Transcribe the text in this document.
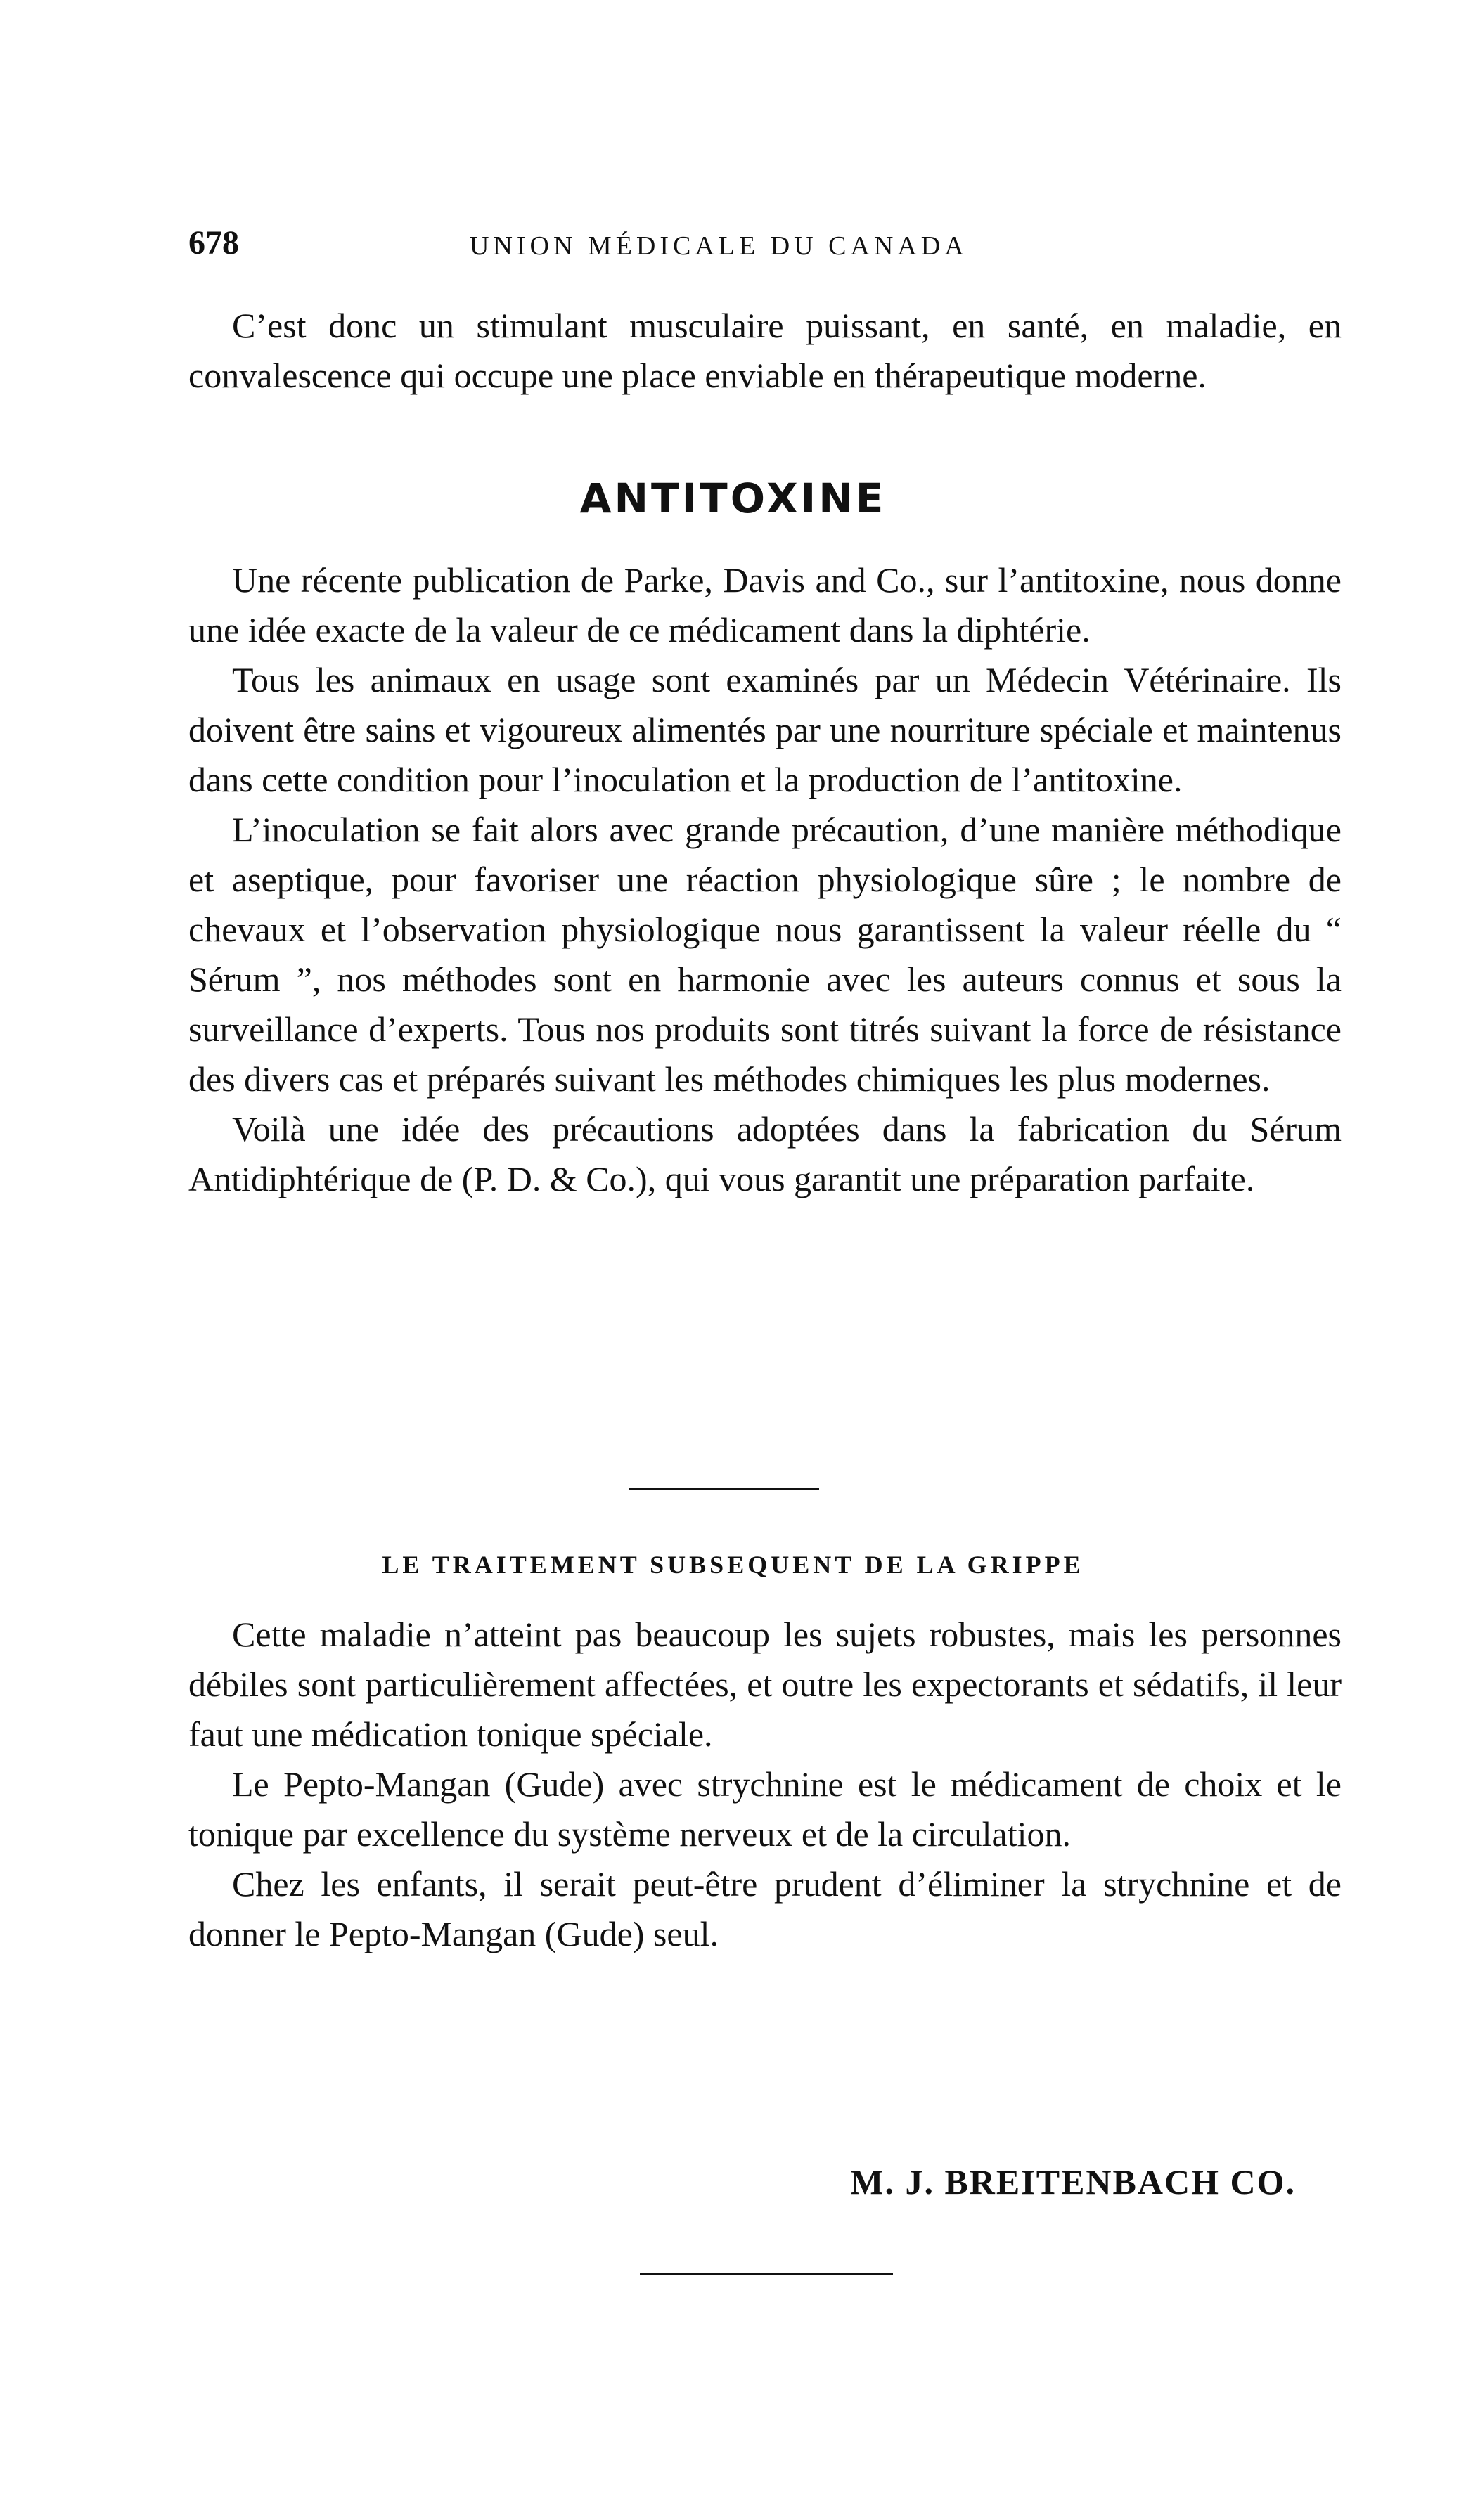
678	UNION MÉDICALE DU CANADA

C’est donc un stimulant musculaire puissant, en santé, en maladie, en convalescence qui occupe une place enviable en thérapeutique moderne.

ANTITOXINE

Une récente publication de Parke, Davis and Co., sur l’antitoxine, nous donne une idée exacte de la valeur de ce médicament dans la diphtérie.

Tous les animaux en usage sont examinés par un Médecin Vétérinaire. Ils doivent être sains et vigoureux alimentés par une nourriture spéciale et maintenus dans cette condition pour l’inoculation et la production de l’antitoxine.

L’inoculation se fait alors avec grande précaution, d’une manière méthodique et aseptique, pour favoriser une réaction physiologique sûre ; le nombre de chevaux et l’observation physiologique nous garantissent la valeur réelle du “ Sérum ”, nos méthodes sont en harmonie avec les auteurs connus et sous la surveillance d’experts. Tous nos produits sont titrés suivant la force de résistance des divers cas et préparés suivant les méthodes chimiques les plus modernes.

Voilà une idée des précautions adoptées dans la fabrication du Sérum Antidiphtérique de (P. D. & Co.), qui vous garantit une préparation parfaite.

LE TRAITEMENT SUBSEQUENT DE LA GRIPPE

Cette maladie n’atteint pas beaucoup les sujets robustes, mais les personnes débiles sont particulièrement affectées, et outre les expectorants et sédatifs, il leur faut une médication tonique spéciale.

Le Pepto-Mangan (Gude) avec strychnine est le médicament de choix et le tonique par excellence du système nerveux et de la circulation.

Chez les enfants, il serait peut-être prudent d’éliminer la strychnine et de donner le Pepto-Mangan (Gude) seul.

M. J. BREITENBACH CO.
